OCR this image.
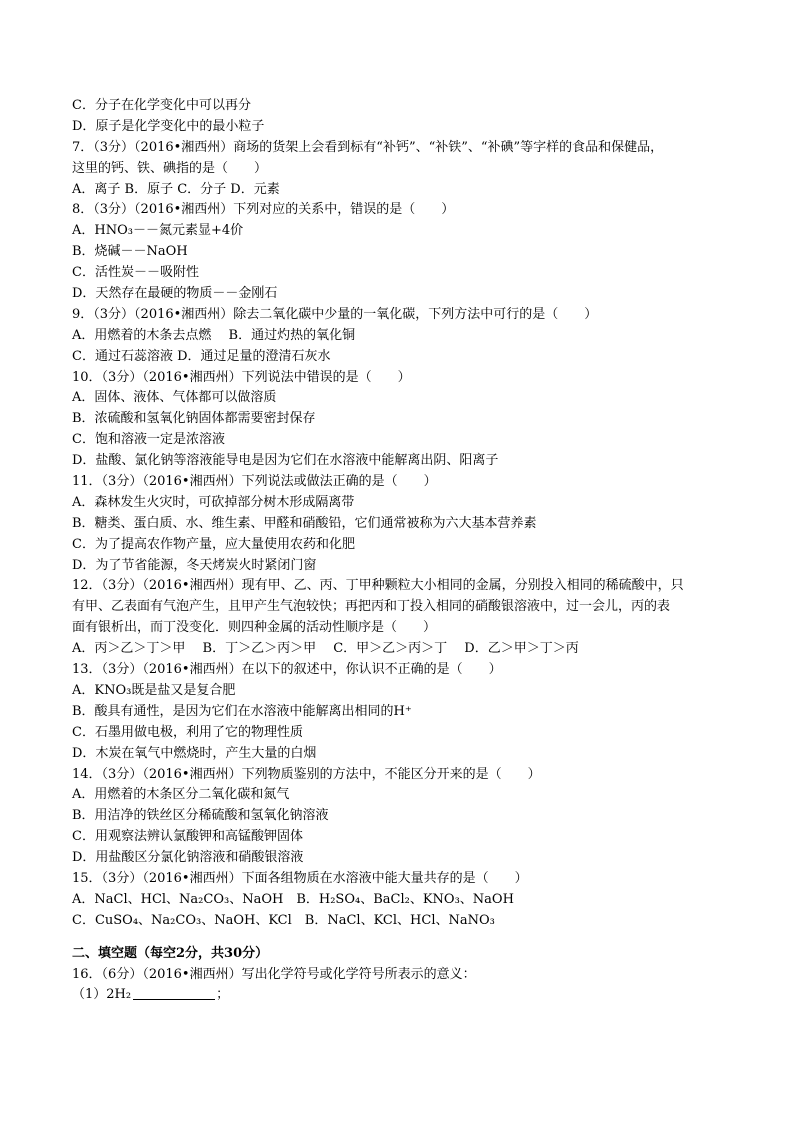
C．分子在化学变化中可以再分
D．原子是化学变化中的最小粒子
7．（3分）（2016•湘西州）商场的货架上会看到标有“补钙”、“补铁”、“补碘”等字样的食品和保健品，
这里的钙、铁、碘指的是（　　）
A．离子 B．原子 C．分子 D．元素
8．（3分）（2016•湘西州）下列对应的关系中，错误的是（　　）
A．HNO₃－－氮元素显+4价
B．烧碱－－NaOH
C．活性炭－－吸附性
D．天然存在最硬的物质－－金刚石
9．（3分）（2016•湘西州）除去二氧化碳中少量的一氧化碳，下列方法中可行的是（　　）
A．用燃着的木条去点燃　 B．通过灼热的氧化铜
C．通过石蕊溶液 D．通过足量的澄清石灰水
10．（3分）（2016•湘西州）下列说法中错误的是（　　）
A．固体、液体、气体都可以做溶质
B．浓硫酸和氢氧化钠固体都需要密封保存
C．饱和溶液一定是浓溶液
D．盐酸、氯化钠等溶液能导电是因为它们在水溶液中能解离出阴、阳离子
11．（3分）（2016•湘西州）下列说法或做法正确的是（　　）
A．森林发生火灾时，可砍掉部分树木形成隔离带
B．糖类、蛋白质、水、维生素、甲醛和硝酸铅，它们通常被称为六大基本营养素
C．为了提高农作物产量，应大量使用农药和化肥
D．为了节省能源，冬天烤炭火时紧闭门窗
12．（3分）（2016•湘西州）现有甲、乙、丙、丁甲种颗粒大小相同的金属，分别投入相同的稀硫酸中，只
有甲、乙表面有气泡产生，且甲产生气泡较快；再把丙和丁投入相同的硝酸银溶液中，过一会儿，丙的表
面有银析出，而丁没变化．则四种金属的活动性顺序是（　　）
A．丙＞乙＞丁＞甲　 B．丁＞乙＞丙＞甲　 C．甲＞乙＞丙＞丁　 D．乙＞甲＞丁＞丙
13．（3分）（2016•湘西州）在以下的叙述中，你认识不正确的是（　　）
A．KNO₃既是盐又是复合肥
B．酸具有通性，是因为它们在水溶液中能解离出相同的H⁺
C．石墨用做电极，利用了它的物理性质
D．木炭在氧气中燃烧时，产生大量的白烟
14．（3分）（2016•湘西州）下列物质鉴别的方法中，不能区分开来的是（　　）
A．用燃着的木条区分二氧化碳和氮气
B．用洁净的铁丝区分稀硫酸和氢氧化钠溶液
C．用观察法辨认氯酸钾和高锰酸钾固体
D．用盐酸区分氯化钠溶液和硝酸银溶液
15．（3分）（2016•湘西州）下面各组物质在水溶液中能大量共存的是（　　）
A．NaCl、HCl、Na₂CO₃、NaOH　B．H₂SO₄、BaCl₂、KNO₃、NaOH
C．CuSO₄、Na₂CO₃、NaOH、KCl　B．NaCl、KCl、HCl、NaNO₃
二、填空题（每空2分，共30分）
16．（6分）（2016•湘西州）写出化学符号或化学符号所表示的意义：
（1）2H₂	；
